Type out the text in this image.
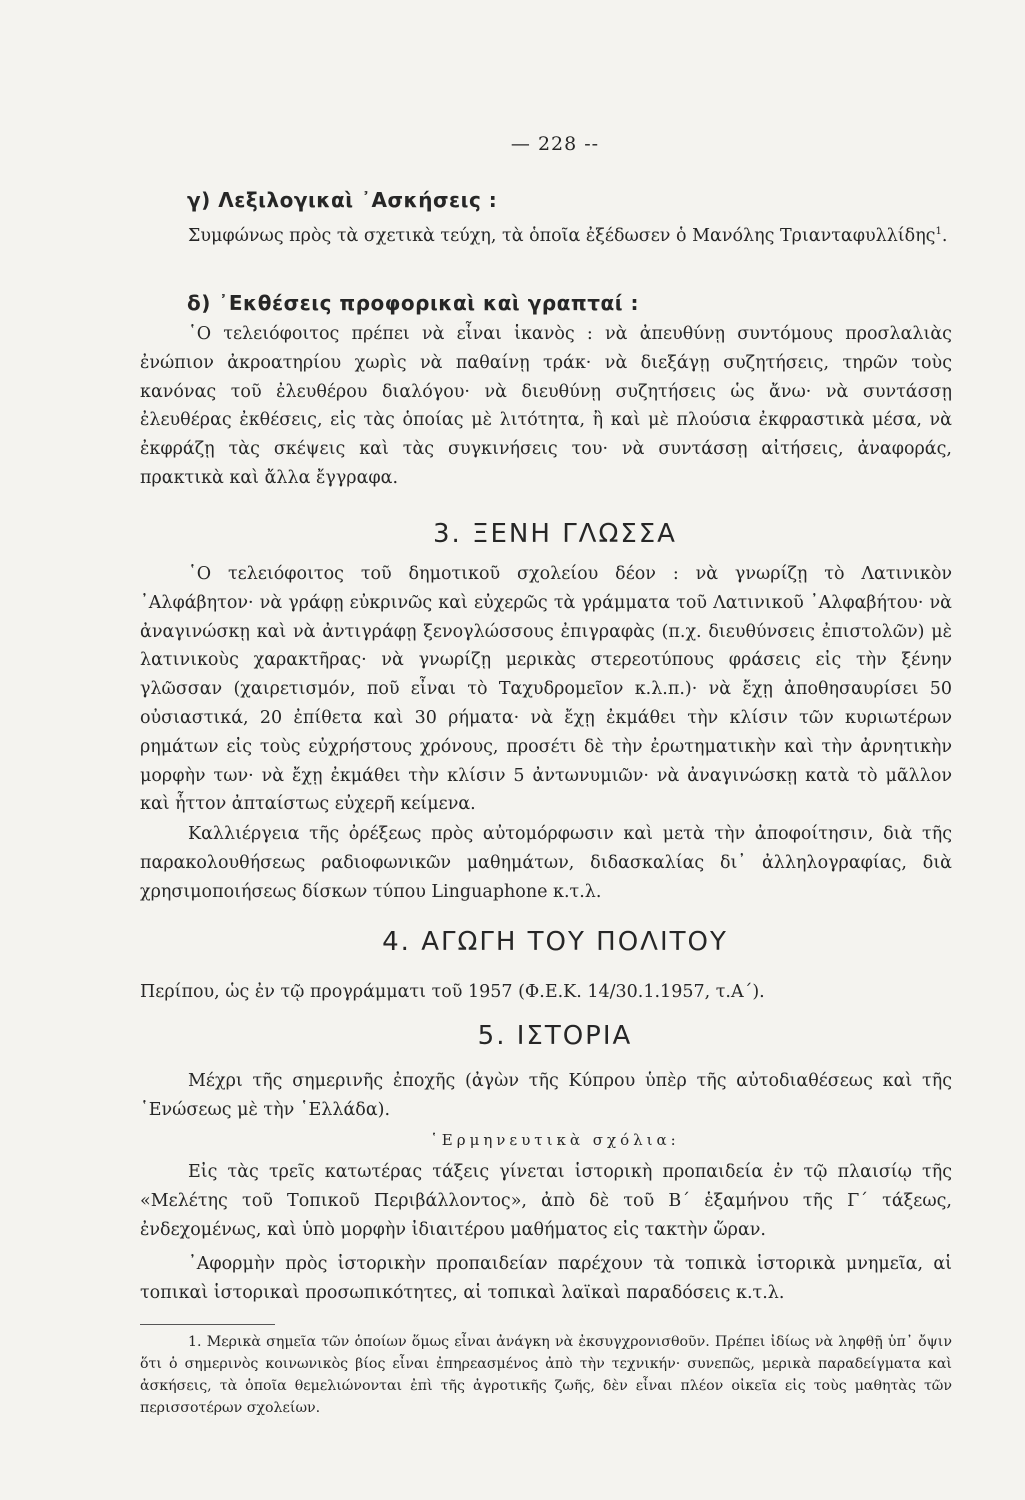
— 228 --
γ) Λεξιλογικαὶ ᾿Ασκήσεις :
Συμφώνως πρὸς τὰ σχετικὰ τεύχη, τὰ ὁποῖα ἐξέδωσεν ὁ Μανόλης Τριανταφυλλίδης$^1$.
δ) ᾿Εκθέσεις προφορικαὶ καὶ γραπταί :
῾Ο τελειόφοιτος πρέπει νὰ εἶναι ἱκανὸς : νὰ ἀπευθύνῃ συντόμους προσλαλιὰς ἐνώπιον ἀκροατηρίου χωρὶς νὰ παθαίνῃ τράκ· νὰ διεξάγῃ συζητήσεις, τηρῶν τοὺς κανόνας τοῦ ἐλευθέρου διαλόγου· νὰ διευθύνῃ συζητήσεις ὡς ἄνω· νὰ συντάσσῃ ἐλευθέρας ἐκθέσεις, εἰς τὰς ὁποίας μὲ λιτότητα, ἢ καὶ μὲ πλούσια ἐκφραστικὰ μέσα, νὰ ἐκφράζῃ τὰς σκέψεις καὶ τὰς συγκινήσεις του· νὰ συντάσσῃ αἰτήσεις, ἀναφοράς, πρακτικὰ καὶ ἄλλα ἔγγραφα.
3. ΞΕΝΗ ΓΛΩΣΣΑ
῾Ο τελειόφοιτος τοῦ δημοτικοῦ σχολείου δέον : νὰ γνωρίζῃ τὸ Λατινικὸν ᾿Αλφάβητον· νὰ γράφῃ εὐκρινῶς καὶ εὐχερῶς τὰ γράμματα τοῦ Λατινικοῦ ᾿Αλφαβήτου· νὰ ἀναγινώσκῃ καὶ νὰ ἀντιγράφῃ ξενογλώσσους ἐπιγραφὰς (π.χ. διευθύνσεις ἐπιστολῶν) μὲ λατινικοὺς χαρακτῆρας· νὰ γνωρίζῃ μερικὰς στερεοτύπους φράσεις εἰς τὴν ξένην γλῶσσαν (χαιρετισμόν, ποῦ εἶναι τὸ Ταχυδρομεῖον κ.λ.π.)· νὰ ἔχῃ ἀποθησαυρίσει 50 οὐσιαστικά, 20 ἐπίθετα καὶ 30 ρήματα· νὰ ἔχῃ ἐκμάθει τὴν κλίσιν τῶν κυριωτέρων ρημάτων εἰς τοὺς εὐχρήστους χρόνους, προσέτι δὲ τὴν ἐρωτηματικὴν καὶ τὴν ἀρνητικὴν μορφὴν των· νὰ ἔχῃ ἐκμάθει τὴν κλίσιν 5 ἀντωνυμιῶν· νὰ ἀναγινώσκῃ κατὰ τὸ μᾶλλον καὶ ἧττον ἀπταίστως εὐχερῆ κείμενα.
Καλλιέργεια τῆς ὀρέξεως πρὸς αὐτομόρφωσιν καὶ μετὰ τὴν ἀποφοίτησιν, διὰ τῆς παρακολουθήσεως ραδιοφωνικῶν μαθημάτων, διδασκαλίας δι᾿ ἀλληλογραφίας, διὰ χρησιμοποιήσεως δίσκων τύπου Linguaphone κ.τ.λ.
4. ΑΓΩΓΗ ΤΟΥ ΠΟΛΙΤΟΥ
Περίπου, ὡς ἐν τῷ προγράμματι τοῦ 1957 (Φ.Ε.Κ. 14/30.1.1957, τ.Α΄).
5. ΙΣΤΟΡΙΑ
Μέχρι τῆς σημερινῆς ἐποχῆς (ἀγὼν τῆς Κύπρου ὑπὲρ τῆς αὐτοδιαθέσεως καὶ τῆς ῾Ενώσεως μὲ τὴν ῾Ελλάδα).
῾Ερμηνευτικὰ σχόλια:
Εἰς τὰς τρεῖς κατωτέρας τάξεις γίνεται ἱστορικὴ προπαιδεία ἐν τῷ πλαισίῳ τῆς «Μελέτης τοῦ Τοπικοῦ Περιβάλλοντος», ἀπὸ δὲ τοῦ Β΄ ἑξαμήνου τῆς Γ΄ τάξεως, ἐνδεχομένως, καὶ ὑπὸ μορφὴν ἰδιαιτέρου μαθήματος εἰς τακτὴν ὥραν.
᾿Αφορμὴν πρὸς ἱστορικὴν προπαιδείαν παρέχουν τὰ τοπικὰ ἱστορικὰ μνημεῖα, αἱ τοπικαὶ ἱστορικαὶ προσωπικότητες, αἱ τοπικαὶ λαϊκαὶ παραδόσεις κ.τ.λ.
1. Μερικὰ σημεῖα τῶν ὁποίων ὅμως εἶναι ἀνάγκη νὰ ἐκσυγχρονισθοῦν. Πρέπει ἰδίως νὰ ληφθῇ ὑπ᾿ ὄψιν ὅτι ὁ σημερινὸς κοινωνικὸς βίος εἶναι ἐπηρεασμένος ἀπὸ τὴν τεχνικήν· συνεπῶς, μερικὰ παραδείγματα καὶ ἀσκήσεις, τὰ ὁποῖα θεμελιώνονται ἐπὶ τῆς ἀγροτικῆς ζωῆς, δὲν εἶναι πλέον οἰκεῖα εἰς τοὺς μαθητὰς τῶν περισσοτέρων σχολείων.
